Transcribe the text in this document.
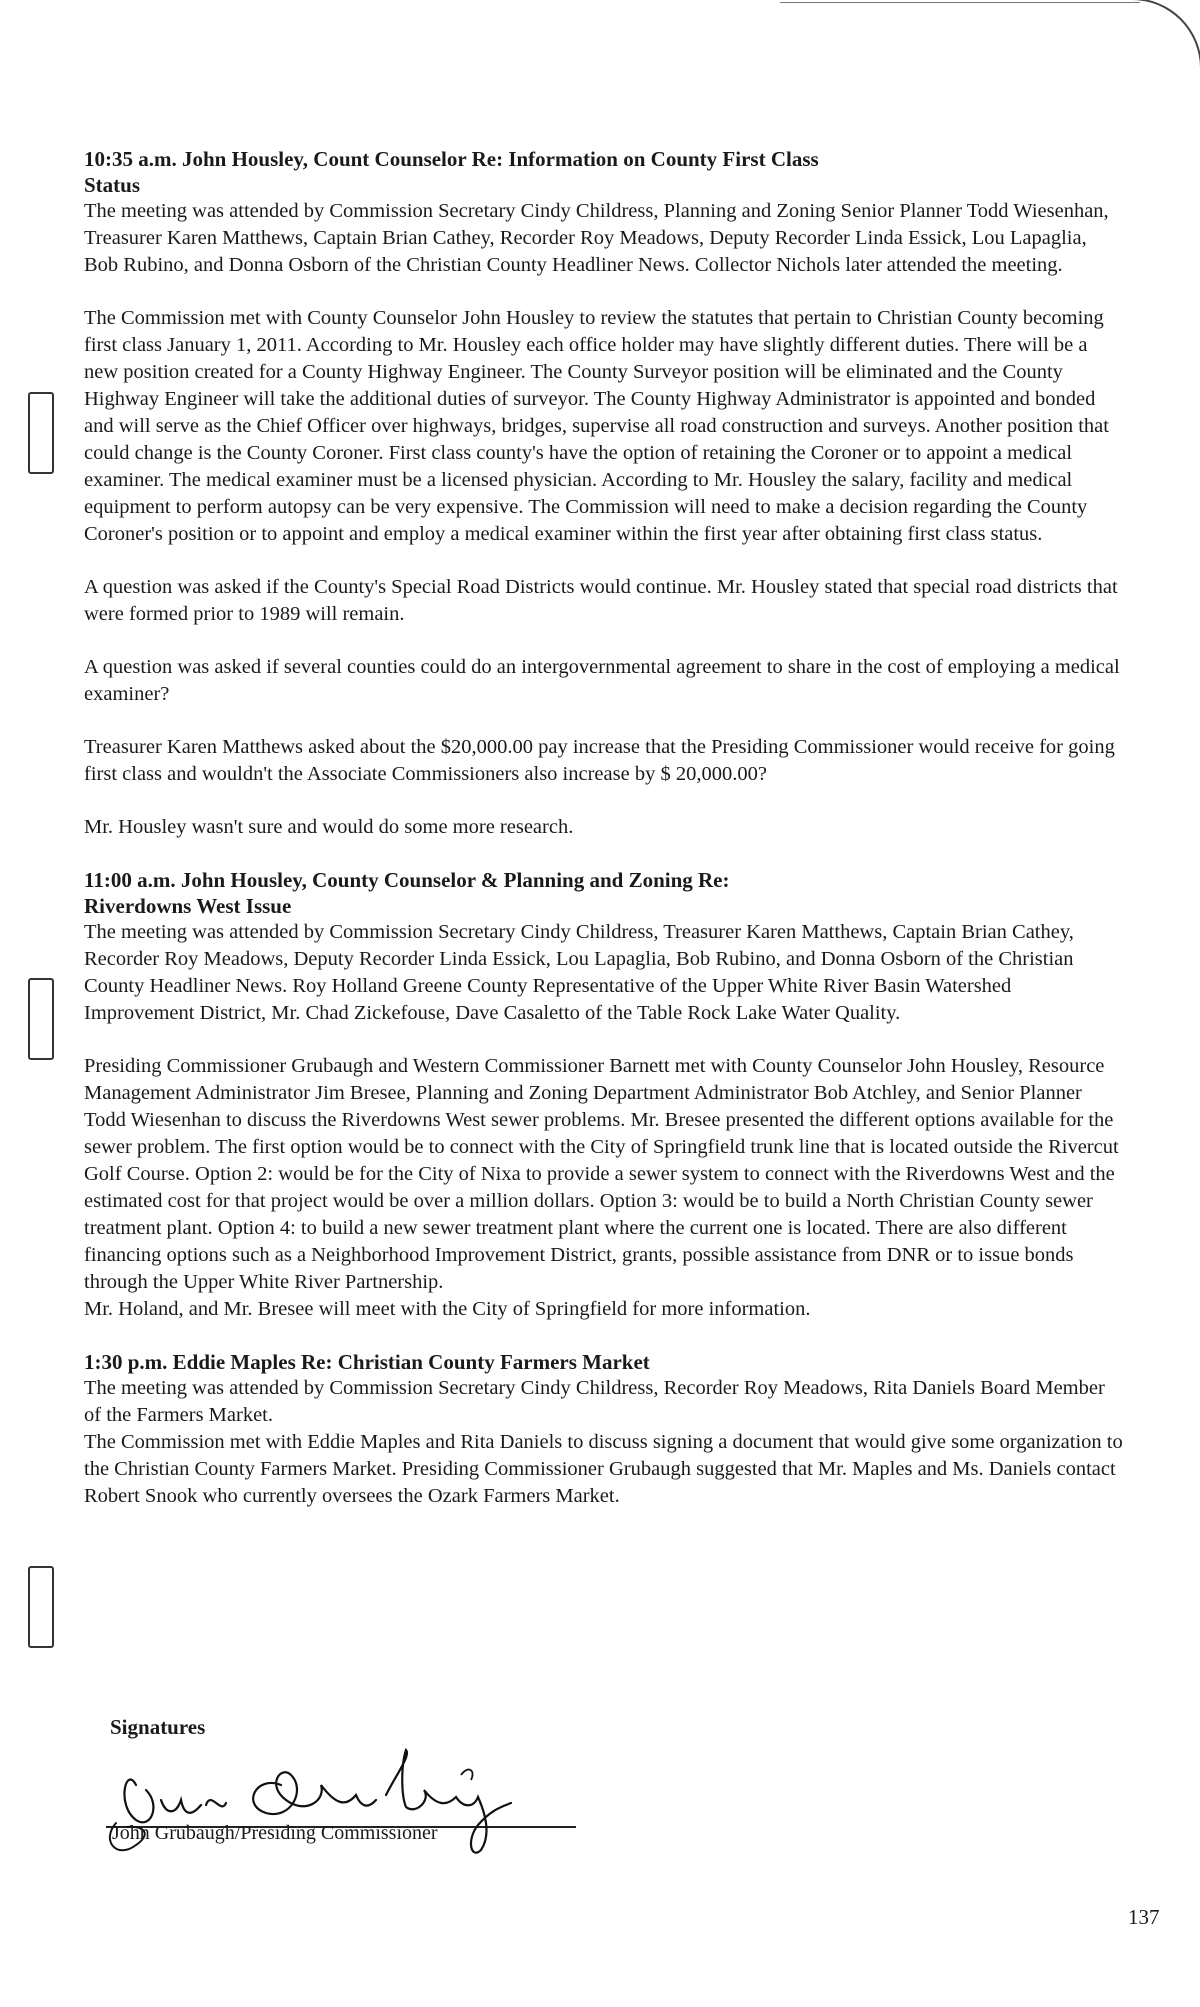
10:35 a.m. John Housley, Count Counselor Re: Information on County First Class

Status

The meeting was attended by Commission Secretary Cindy Childress, Planning and Zoning Senior Planner Todd Wiesenhan, Treasurer Karen Matthews, Captain Brian Cathey, Recorder Roy Meadows, Deputy Recorder Linda Essick, Lou Lapaglia, Bob Rubino, and Donna Osborn of the Christian County Headliner News. Collector Nichols later attended the meeting.

The Commission met with County Counselor John Housley to review the statutes that pertain to Christian County becoming first class January 1, 2011. According to Mr. Housley each office holder may have slightly different duties. There will be a new position created for a County Highway Engineer. The County Surveyor position will be eliminated and the County Highway Engineer will take the additional duties of surveyor. The County Highway Administrator is appointed and bonded and will serve as the Chief Officer over highways, bridges, supervise all road construction and surveys. Another position that could change is the County Coroner. First class county's have the option of retaining the Coroner or to appoint a medical examiner. The medical examiner must be a licensed physician. According to Mr. Housley the salary, facility and medical equipment to perform autopsy can be very expensive. The Commission will need to make a decision regarding the County Coroner's position or to appoint and employ a medical examiner within the first year after obtaining first class status.

A question was asked if the County's Special Road Districts would continue. Mr. Housley stated that special road districts that were formed prior to 1989 will remain.

A question was asked if several counties could do an intergovernmental agreement to share in the cost of employing a medical examiner?

Treasurer Karen Matthews asked about the $20,000.00 pay increase that the Presiding Commissioner would receive for going first class and wouldn't the Associate Commissioners also increase by $ 20,000.00?

Mr. Housley wasn't sure and would do some more research.

11:00 a.m. John Housley, County Counselor & Planning and Zoning Re:

Riverdowns West Issue

The meeting was attended by Commission Secretary Cindy Childress, Treasurer Karen Matthews, Captain Brian Cathey, Recorder Roy Meadows, Deputy Recorder Linda Essick, Lou Lapaglia, Bob Rubino, and Donna Osborn of the Christian County Headliner News. Roy Holland Greene County Representative of the Upper White River Basin Watershed Improvement District, Mr. Chad Zickefouse, Dave Casaletto of the Table Rock Lake Water Quality.

Presiding Commissioner Grubaugh and Western Commissioner Barnett met with County Counselor John Housley, Resource Management Administrator Jim Bresee, Planning and Zoning Department Administrator Bob Atchley, and Senior Planner Todd Wiesenhan to discuss the Riverdowns West sewer problems. Mr. Bresee presented the different options available for the sewer problem. The first option would be to connect with the City of Springfield trunk line that is located outside the Rivercut Golf Course. Option 2: would be for the City of Nixa to provide a sewer system to connect with the Riverdowns West and the estimated cost for that project would be over a million dollars. Option 3: would be to build a North Christian County sewer treatment plant. Option 4: to build a new sewer treatment plant where the current one is located. There are also different financing options such as a Neighborhood Improvement District, grants, possible assistance from DNR or to issue bonds through the Upper White River Partnership.

Mr. Holand, and Mr. Bresee will meet with the City of Springfield for more information.

1:30 p.m. Eddie Maples Re: Christian County Farmers Market

The meeting was attended by Commission Secretary Cindy Childress, Recorder Roy Meadows, Rita Daniels Board Member of the Farmers Market.

The Commission met with Eddie Maples and Rita Daniels to discuss signing a document that would give some organization to the Christian County Farmers Market. Presiding Commissioner Grubaugh suggested that Mr. Maples and Ms. Daniels contact Robert Snook who currently oversees the Ozark Farmers Market.

Signatures
John Grubaugh/Presiding Commissioner
137
